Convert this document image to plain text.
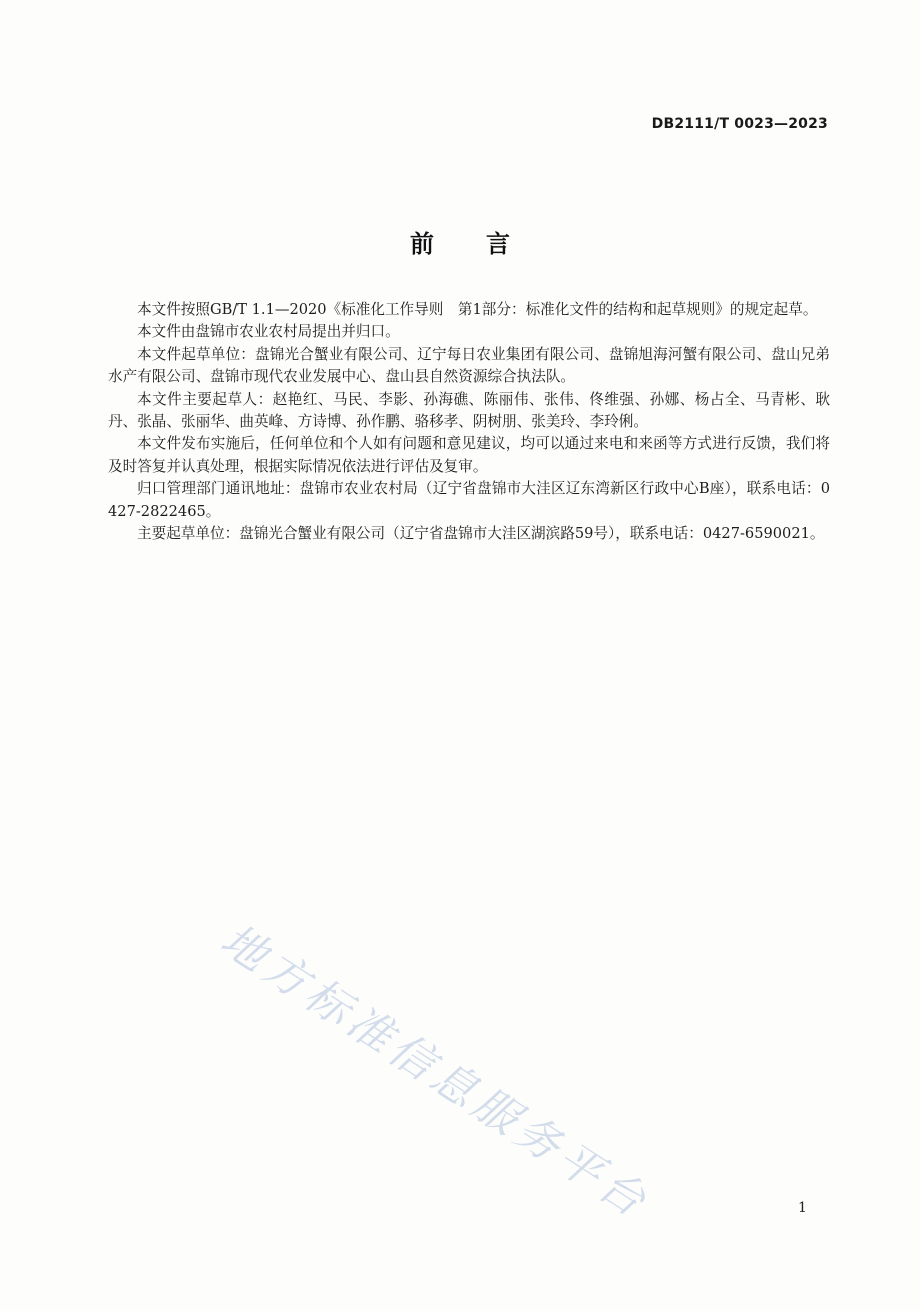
DB2111/T 0023—2023
前言

本文件按照GB/T 1.1—2020《标准化工作导则　第1部分：标准化文件的结构和起草规则》的规定起草。

本文件由盘锦市农业农村局提出并归口。

本文件起草单位：盘锦光合蟹业有限公司、辽宁每日农业集团有限公司、盘锦旭海河蟹有限公司、盘山兄弟水产有限公司、盘锦市现代农业发展中心、盘山县自然资源综合执法队。

本文件主要起草人：赵艳红、马民、李影、孙海礁、陈丽伟、张伟、佟维强、孙娜、杨占全、马青彬、耿丹、张晶、张丽华、曲英峰、方诗博、孙作鹏、骆移孝、阴树朋、张美玲、李玲俐。

本文件发布实施后，任何单位和个人如有问题和意见建议，均可以通过来电和来函等方式进行反馈，我们将及时答复并认真处理，根据实际情况依法进行评估及复审。

归口管理部门通讯地址：盘锦市农业农村局（辽宁省盘锦市大洼区辽东湾新区行政中心B座），联系电话：0427-2822465。

主要起草单位：盘锦光合蟹业有限公司（辽宁省盘锦市大洼区湖滨路59号），联系电话：0427-6590021。

地方标准信息服务平台	1
